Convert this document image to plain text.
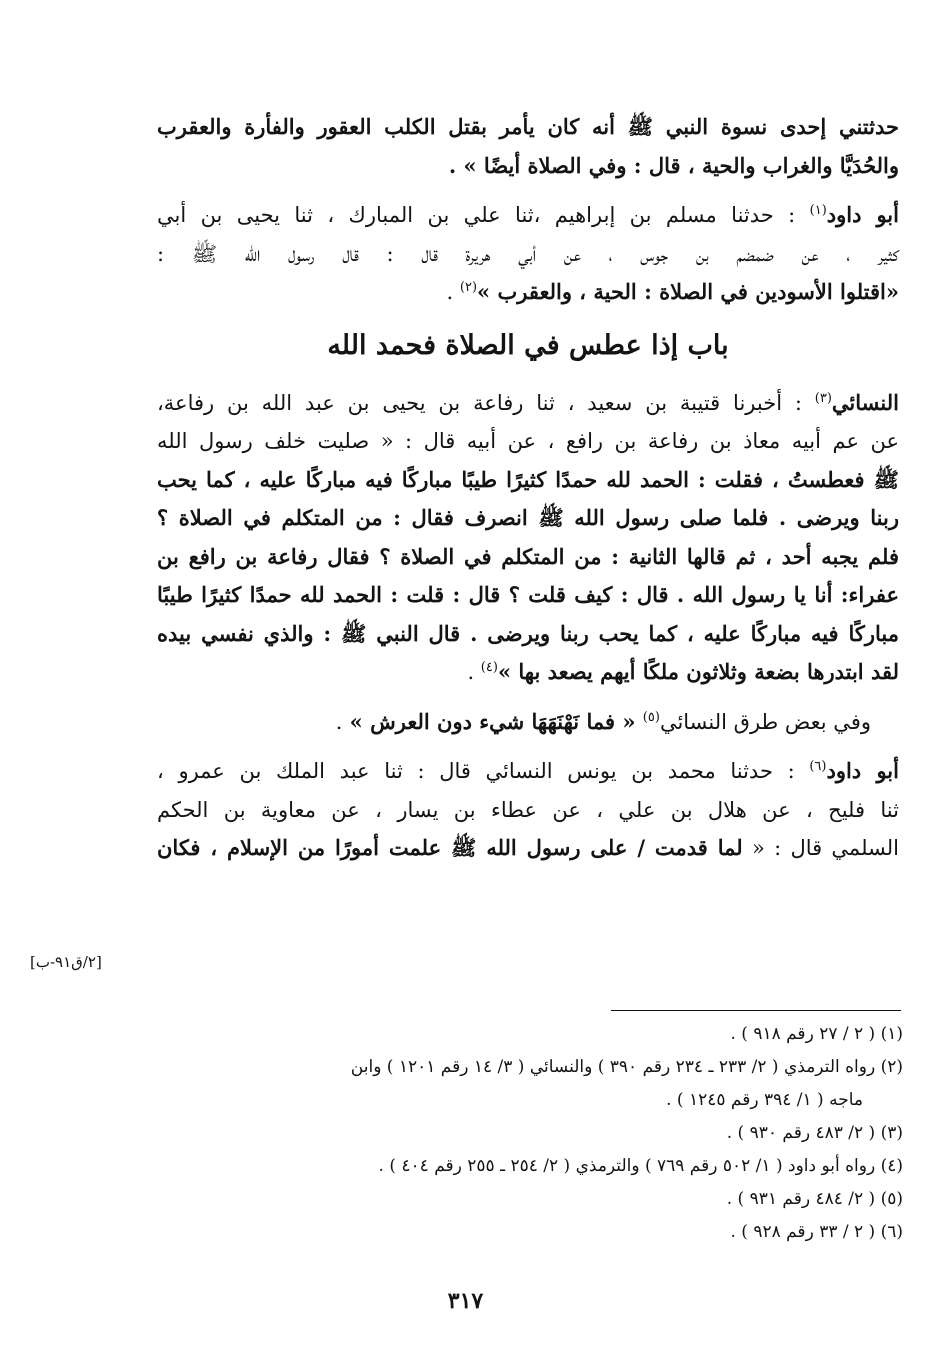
حدثتني إحدى نسوة النبي ﷺ أنه كان يأمر بقتل الكلب العقور والفأرة والعقرب
والحُدَيَّا والغراب والحية ، قال : وفي الصلاة أيضًا » .
أبو داود$^{(١)}$ : حدثنا مسلم بن إبراهيم ،ثنا علي بن المبارك ، ثنا يحيى بن أبي
كثير ، عن ضمضم بن جوس ، عن أبي هريرة قال : قال رسول الله ﷺ :
«اقتلوا الأسودين في الصلاة : الحية ، والعقرب »$^{(٢)}$ .
باب إذا عطس في الصلاة فحمد الله
النسائي$^{(٣)}$ : أخبرنا قتيبة بن سعيد ، ثنا رفاعة بن يحيى بن عبد الله بن رفاعة،
عن عم أبيه معاذ بن رفاعة بن رافع ، عن أبيه قال : « صليت خلف رسول الله
ﷺ فعطستُ ، فقلت : الحمد لله حمدًا كثيرًا طيبًا مباركًا فيه مباركًا عليه ، كما يحب
ربنا ويرضى . فلما صلى رسول الله ﷺ انصرف فقال : من المتكلم في الصلاة ؟
فلم يجبه أحد ، ثم قالها الثانية : من المتكلم في الصلاة ؟ فقال رفاعة بن رافع بن
عفراء: أنا يا رسول الله . قال : كيف قلت ؟ قال : قلت : الحمد لله حمدًا كثيرًا طيبًا
مباركًا فيه مباركًا عليه ، كما يحب ربنا ويرضى . قال النبي ﷺ : والذي نفسي بيده
لقد ابتدرها بضعة وثلاثون ملكًا أيهم يصعد بها »$^{(٤)}$ .
وفي بعض طرق النسائي$^{(٥)}$ « فما نَهْنَهَهَا شيء دون العرش » .
أبو داود$^{(٦)}$ : حدثنا محمد بن يونس النسائي قال : ثنا عبد الملك بن عمرو ،
ثنا فليح ، عن هلال بن علي ، عن عطاء بن يسار ، عن معاوية بن الحكم
السلمي قال : « لما قدمت / على رسول الله ﷺ علمت أمورًا من الإسلام ، فكان
[٢/ق٩١-ب]
(١) ( ٢ / ٢٧ رقم ٩١٨ ) .
(٢) رواه الترمذي ( ٢/ ٢٣٣ ـ ٢٣٤ رقم ٣٩٠ ) والنسائي ( ٣/ ١٤ رقم ١٢٠١ ) وابن
ماجه ( ١/ ٣٩٤ رقم ١٢٤٥ ) .
(٣) ( ٢/ ٤٨٣ رقم ٩٣٠ ) .
(٤) رواه أبو داود ( ١/ ٥٠٢ رقم ٧٦٩ ) والترمذي ( ٢/ ٢٥٤ ـ ٢٥٥ رقم ٤٠٤ ) .
(٥) ( ٢/ ٤٨٤ رقم ٩٣١ ) .
(٦) ( ٢ / ٣٣ رقم ٩٢٨ ) .
٣١٧
